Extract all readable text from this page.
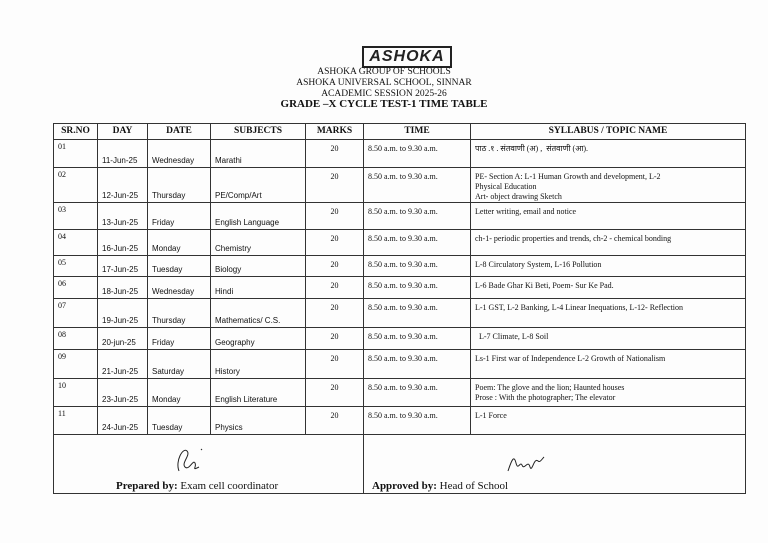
ASHOKA
ASHOKA GROUP OF SCHOOLS
ASHOKA UNIVERSAL SCHOOL, SINNAR
ACADEMIC SESSION 2025-26
GRADE –X CYCLE TEST-1 TIME TABLE
SR.NO	DAY	DATE	SUBJECTS	MARKS	TIME	SYLLABUS / TOPIC NAME
01	11-Jun-25	Wednesday	Marathi	20	8.50 a.m. to 9.30 a.m.	पाठ .१ . संतवाणी (अ) ,  संतवाणी (आ).

02	12-Jun-25	Thursday	PE/Comp/Art	20	8.50 a.m. to 9.30 a.m.	PE- Section A: L-1 Human Growth and development, L-2
Physical Education
Art- object drawing Sketch

03	13-Jun-25	Friday	English Language	20	8.50 a.m. to 9.30 a.m.	Letter writing, email and notice

04	16-Jun-25	Monday	Chemistry	20	8.50 a.m. to 9.30 a.m.	ch-1- periodic properties and trends, ch-2 - chemical bonding

05	17-Jun-25	Tuesday	Biology	20	8.50 a.m. to 9.30 a.m.	L-8 Circulatory System, L-16 Pollution

06	18-Jun-25	Wednesday	Hindi	20	8.50 a.m. to 9.30 a.m.	L-6 Bade Ghar Ki Beti, Poem- Sur Ke Pad.

07	19-Jun-25	Thursday	Mathematics/ C.S.	20	8.50 a.m. to 9.30 a.m.	L-1 GST, L-2 Banking, L-4 Linear Inequations, L-12- Reflection

08	20-jun-25	Friday	Geography	20	8.50 a.m. to 9.30 a.m.	L-7 Climate, L-8 Soil

09	21-Jun-25	Saturday	History	20	8.50 a.m. to 9.30 a.m.	Ls-1 First war of Independence L-2 Growth of Nationalism

10	23-Jun-25	Monday	English Literature	20	8.50 a.m. to 9.30 a.m.	Poem: The glove and the lion; Haunted houses
Prose : With the photographer; The elevator

11	24-Jun-25	Tuesday	Physics	20	8.50 a.m. to 9.30 a.m.	L-1 Force

Prepared by: Exam cell coordinator					Approved by: Head of School	
